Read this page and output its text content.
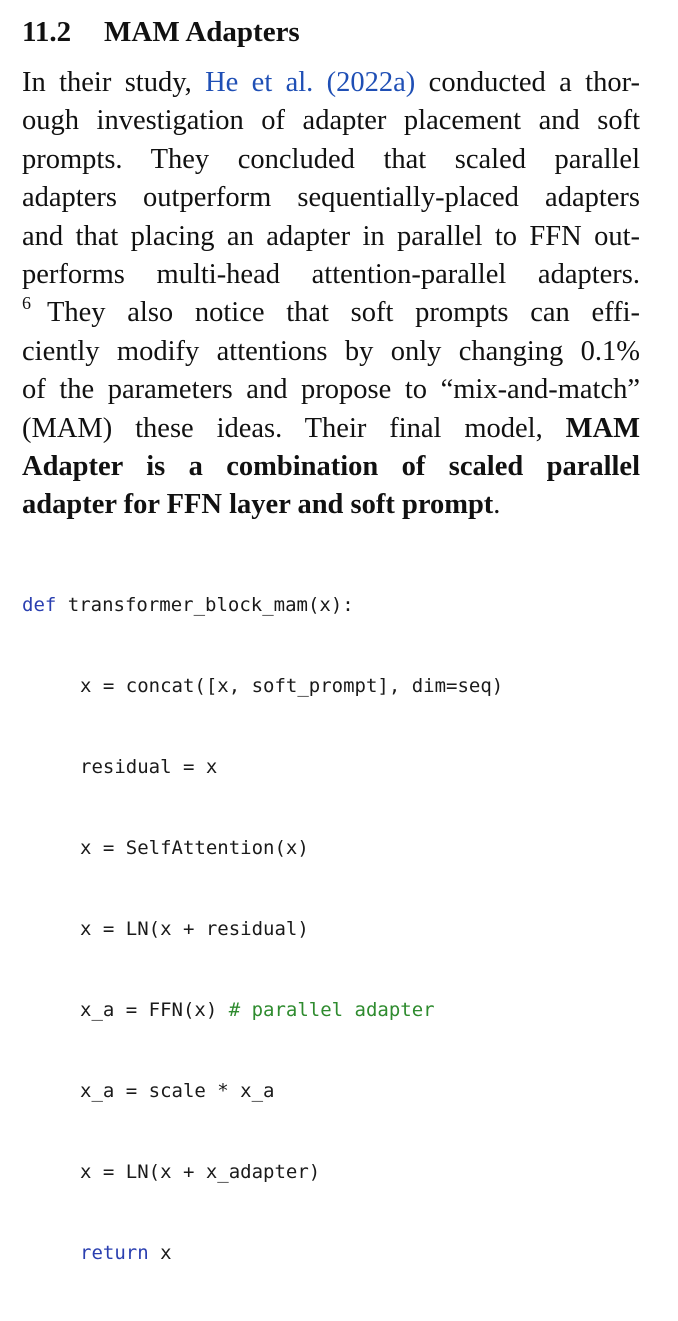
11.2 MAM Adapters
In their study, He et al. (2022a) conducted a thor-
ough investigation of adapter placement and soft
prompts. They concluded that scaled parallel
adapters outperform sequentially-placed adapters
and that placing an adapter in parallel to FFN out-
performs multi-head attention-parallel adapters.
$^6$ They also notice that soft prompts can effi-
ciently modify attentions by only changing 0.1%
of the parameters and propose to “mix-and-match”
(MAM) these ideas. Their final model, MAM
Adapter is a combination of scaled parallel
adapter for FFN layer and soft prompt.

def transformer_block_mam(x):

x = concat([x, soft_prompt], dim=seq)

residual = x

x = SelfAttention(x)

x = LN(x + residual)

x_a = FFN(x) # parallel adapter

x_a = scale * x_a

x = LN(x + x_adapter)

return x
